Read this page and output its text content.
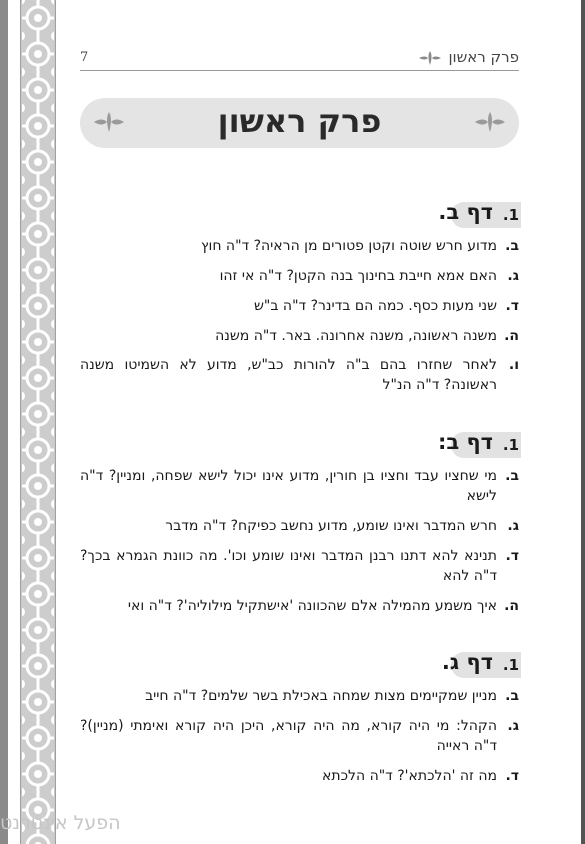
7	פרק ראשון
פרק ראשון
1.
דף ב.
ב.
מדוע חרש שוטה וקטן פטורים מן הראיה? ד"ה חוץ
ג.
האם אמא חייבת בחינוך בנה הקטן? ד"ה אי זהו
ד.
שני מעות כסף. כמה הם בדינר? ד"ה ב"ש
ה.
משנה ראשונה, משנה אחרונה. באר. ד"ה משנה
ו.
לאחר שחזרו בהם ב"ה להורות כב"ש, מדוע לא השמיטו משנה ראשונה? ד"ה הנ"ל
1.
דף ב:
ב.
מי שחציו עבד וחציו בן חורין, מדוע אינו יכול לישא שפחה, ומניין? ד"ה לישא
ג.
חרש המדבר ואינו שומע, מדוע נחשב כפיקח? ד"ה מדבר
ד.
תנינא להא דתנו רבנן המדבר ואינו שומע וכו'. מה כוונת הגמרא בכך? ד"ה להא
ה.
איך משמע מהמילה אלם שהכוונה 'אישתקיל מילוליה'? ד"ה ואי
1.
דף ג.
ב.
מניין שמקיימים מצות שמחה באכילת בשר שלמים? ד"ה חייב
ג.
הקהל: מי היה קורא, מה היה קורא, היכן היה קורא ואימתי (מניין)? ד"ה ראייה
ד.
מה זה 'הלכתא'? ד"ה הלכתא
הפעל אינטרנט
